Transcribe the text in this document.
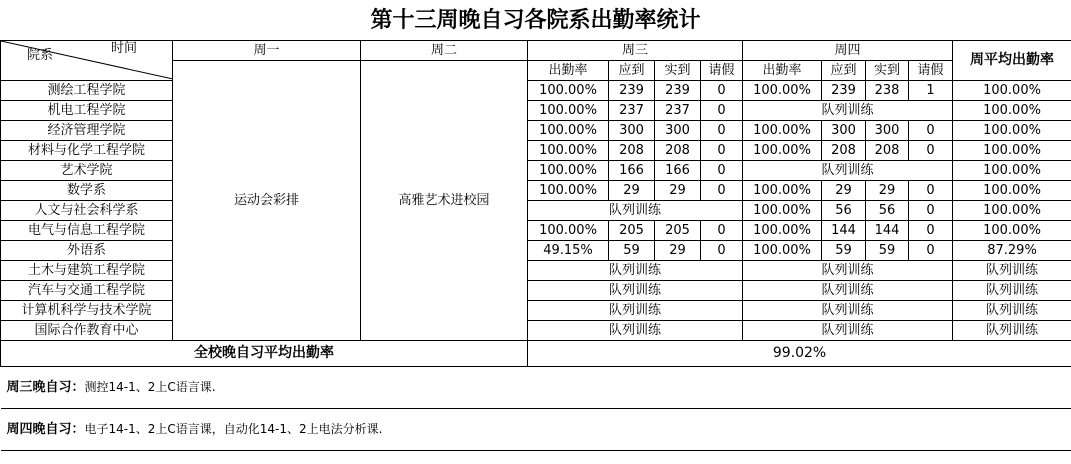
第十三周晚自习各院系出勤率统计
时间
院系	周一	周二	周三				周四				周平均出勤率
	运动会彩排	高雅艺术进校园	出勤率	应到	实到	请假	出勤率	应到	实到	请假	
测绘工程学院			100.00%	239	239	0	100.00%	239	238	1	100.00%
机电工程学院			100.00%	237	237	0	队列训练				100.00%
经济管理学院			100.00%	300	300	0	100.00%	300	300	0	100.00%
材料与化学工程学院			100.00%	208	208	0	100.00%	208	208	0	100.00%
艺术学院			100.00%	166	166	0	队列训练				100.00%
数学系			100.00%	29	29	0	100.00%	29	29	0	100.00%
人文与社会科学系			队列训练				100.00%	56	56	0	100.00%
电气与信息工程学院			100.00%	205	205	0	100.00%	144	144	0	100.00%
外语系			49.15%	59	29	0	100.00%	59	59	0	87.29%
土木与建筑工程学院			队列训练				队列训练				队列训练
汽车与交通工程学院			队列训练				队列训练				队列训练
计算机科学与技术学院			队列训练				队列训练				队列训练
国际合作教育中心			队列训练				队列训练				队列训练
全校晚自习平均出勤率			99.02%								
周三晚自习：测控14-1、2上C语言课.											
周四晚自习：电子14-1、2上C语言课，自动化14-1、2上电法分析课.											
